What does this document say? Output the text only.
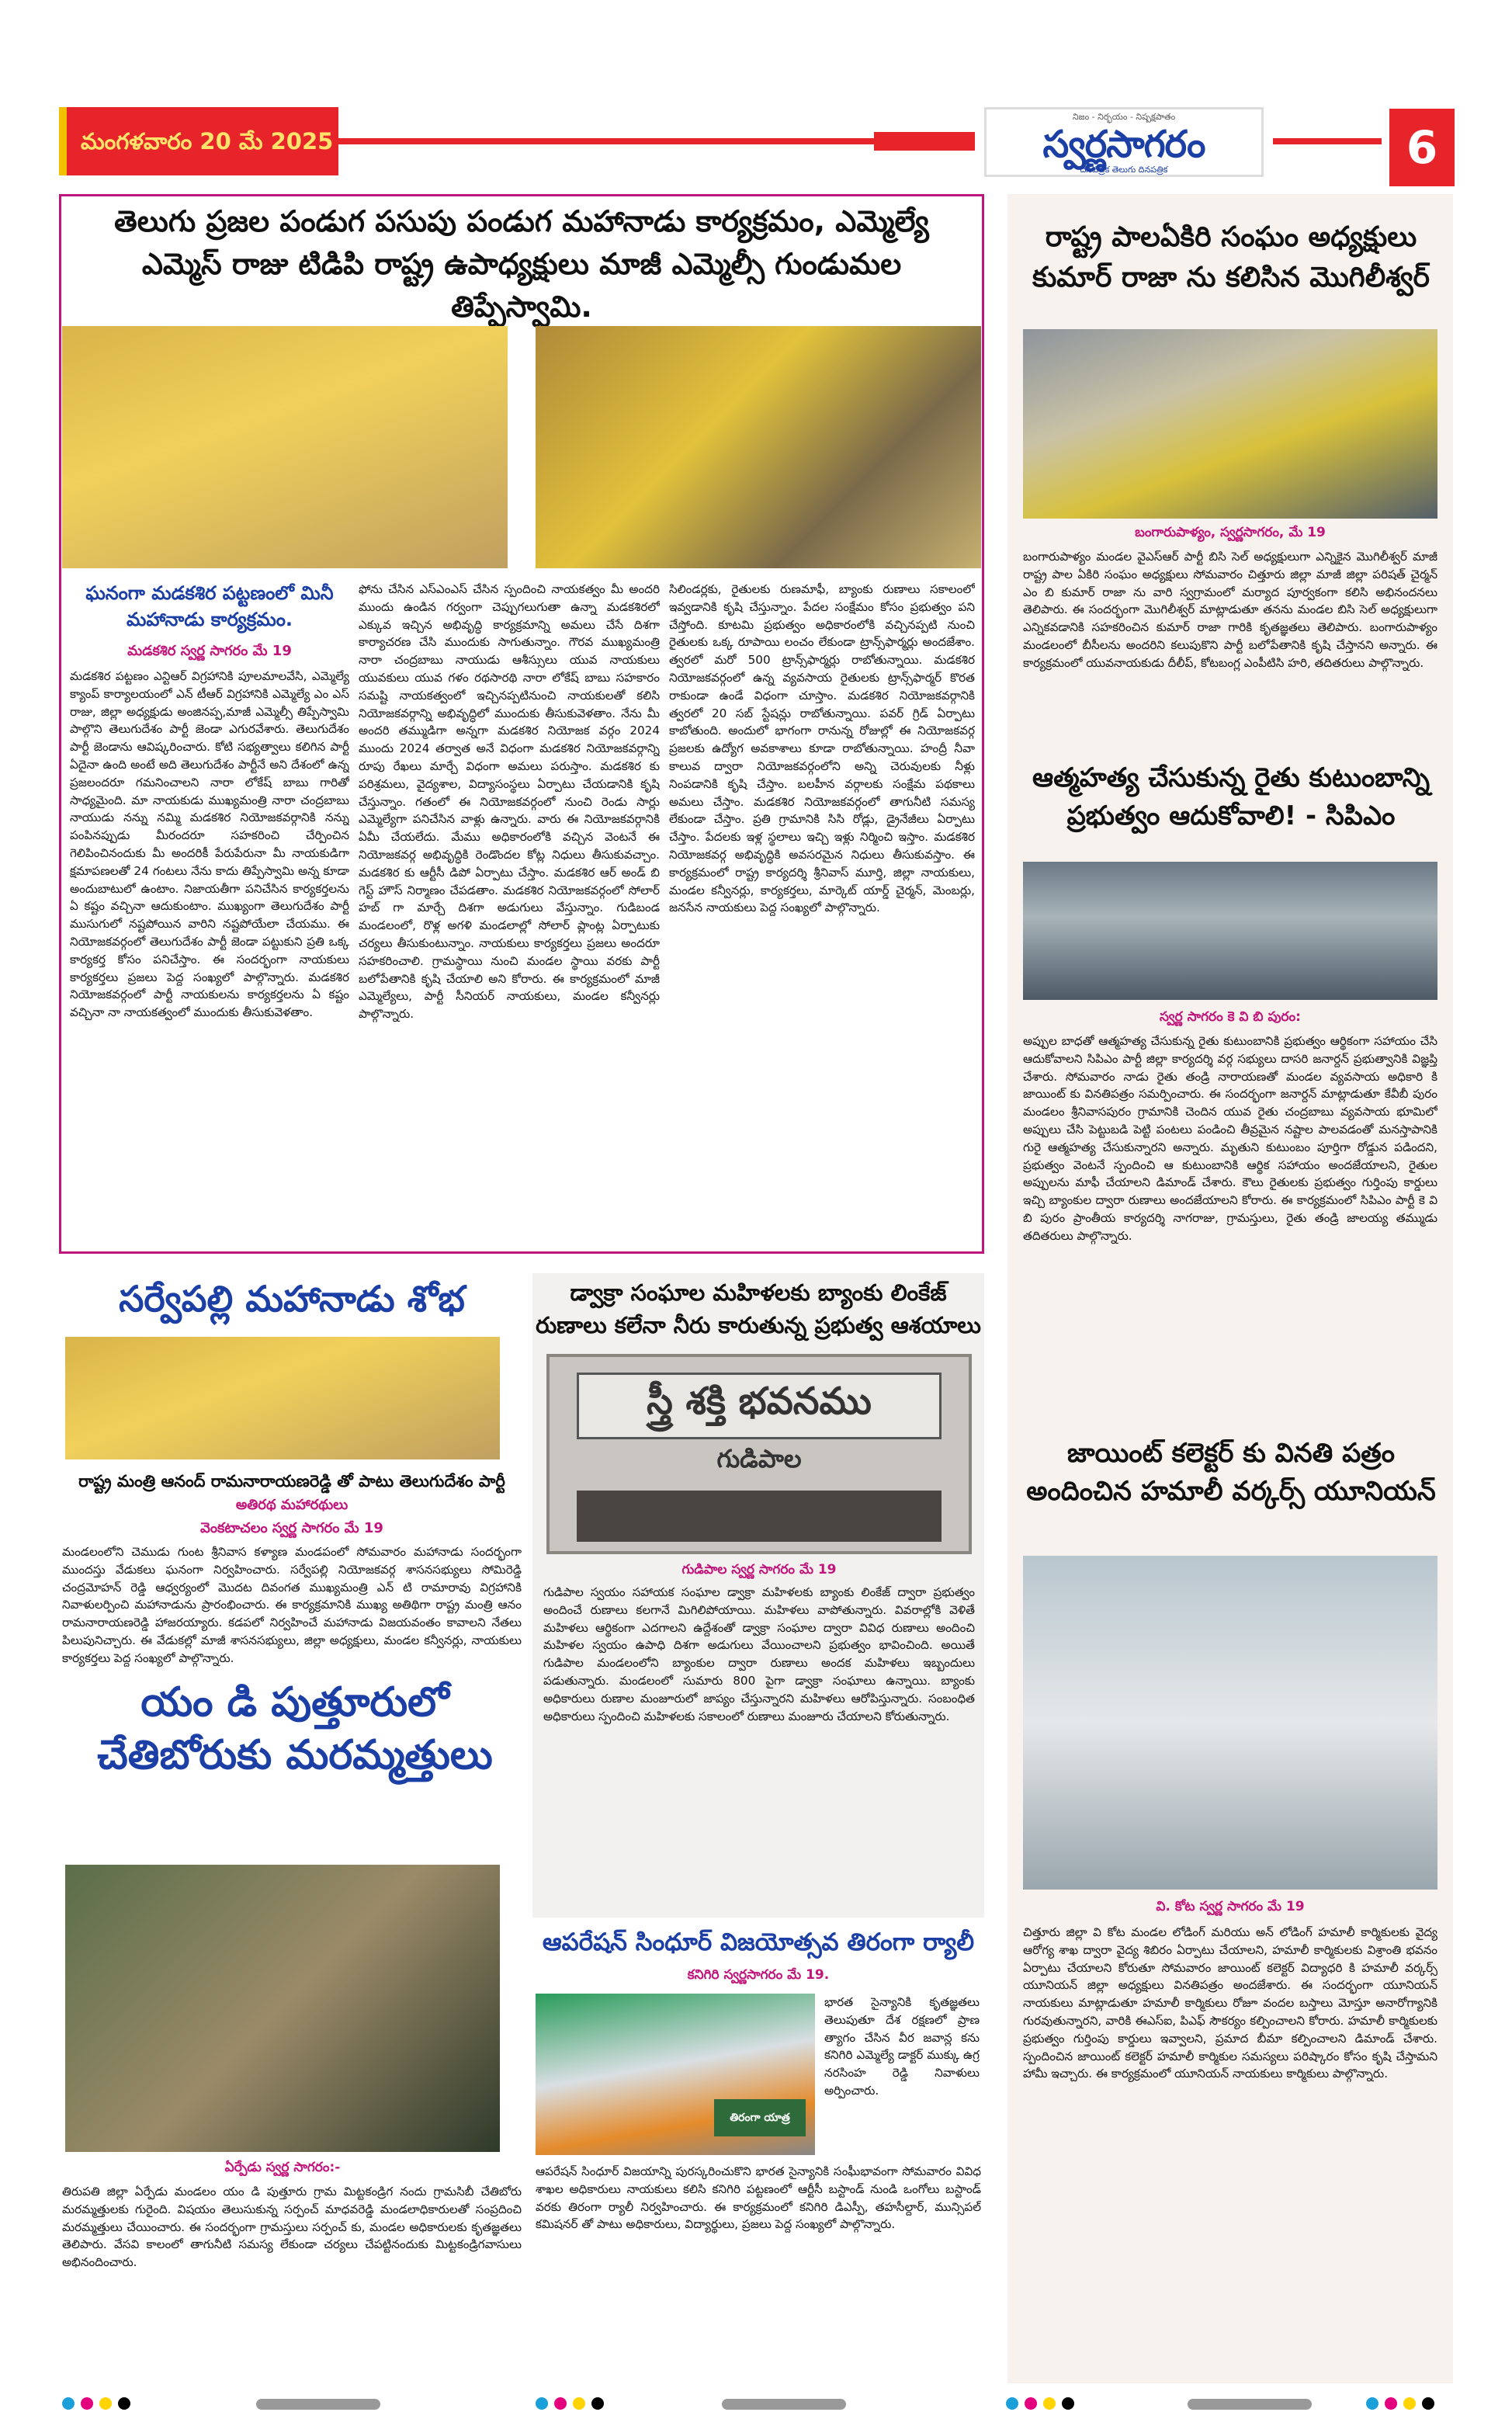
మంగళవారం 20 మే 2025
నిజం - నిర్భయం - నిష్పక్షపాతం
స్వర్ణసాగరం
దినపత్రిక తెలుగు దినపత్రిక	6
తెలుగు ప్రజల పండుగ పసుపు పండుగ మహానాడు కార్యక్రమం, ఎమ్మెల్యే ఎమ్మెస్ రాజు టిడిపి రాష్ట్ర ఉపాధ్యక్షులు మాజీ ఎమ్మెల్సీ గుండుమల తిప్పేస్వామి.
ఘనంగా మడకశిర పట్టణంలో మినీ మహానాడు కార్యక్రమం.
మడకశిర స్వర్ణ సాగరం మే 19
మడకశిర పట్టణం ఎన్టిఆర్ విగ్రహానికి పూలమాలవేసి, ఎమ్మెల్యే క్యాంప్ కార్యాలయంలో ఎన్ టీఆర్ విగ్రహానికి ఎమ్మెల్యే ఎం ఎస్ రాజు, జిల్లా అధ్యక్షుడు అంజినప్ప,మాజీ ఎమ్మెల్సీ తిప్పేస్వామి పాల్గొని తెలుగుదేశం పార్టీ జెండా ఎగురవేశారు. తెలుగుదేశం పార్టీ జెండాను ఆవిష్కరించారు. కోటి సభ్యత్వాలు కలిగిన పార్టీ ఏదైనా ఉంది అంటే అది తెలుగుదేశం పార్టీనే అని దేశంలో ఉన్న ప్రజలందరూ గమనించాలని నారా లోకేష్ బాబు గారితో సాధ్యమైంది. మా నాయకుడు ముఖ్యమంత్రి నారా చంద్రబాబు నాయుడు నన్ను నమ్మి మడకశిర నియోజకవర్గానికి నన్ను పంపినప్పుడు మీరందరూ సహకరించి చేర్పించిన గెలిపించినందుకు మీ అందరికీ పేరుపేరునా మీ నాయకుడిగా క్షమాపణలతో 24 గంటలు నేను కాదు తిప్పేస్వామి అన్న కూడా అందుబాటులో ఉంటాం. నిజాయతీగా పనిచేసిన కార్యకర్తలను ఏ కష్టం వచ్చినా ఆదుకుంటాం. ముఖ్యంగా తెలుగుదేశం పార్టీ ముసుగులో నష్టపోయిన వారిని నష్టపోయేలా చేయము. ఈ నియోజకవర్గంలో తెలుగుదేశం పార్టీ జెండా పట్టుకుని ప్రతి ఒక్క కార్యకర్త కోసం పనిచేస్తాం. ఈ సందర్భంగా నాయకులు కార్యకర్తలు ప్రజలు పెద్ద సంఖ్యలో పాల్గొన్నారు. మడకశిర నియోజకవర్గంలో పార్టీ నాయకులను కార్యకర్తలను ఏ కష్టం వచ్చినా నా నాయకత్వంలో ముందుకు తీసుకువెళతాం.
ఫోను చేసిన ఎస్ఎంఎస్ చేసిన స్పందించి నాయకత్వం మీ అందరి ముందు ఉండిన గర్వంగా చెప్పుగలుగుతా ఉన్నా మడకశిరలో ఎక్కువ ఇచ్చిన అభివృద్ధి కార్యక్రమాన్ని అమలు చేసే దిశగా కార్యాచరణ చేసి ముందుకు సాగుతున్నాం. గౌరవ ముఖ్యమంత్రి నారా చంద్రబాబు నాయుడు ఆశీస్సులు యువ నాయకులు యువకులు యువ గళం రథసారథి నారా లోకేష్ బాబు సహకారం సమష్టి నాయకత్వంలో ఇచ్చినప్పటినుంచి నాయకులతో కలిసి నియోజకవర్గాన్ని అభివృద్ధిలో ముందుకు తీసుకువెళతాం. నేను మీ అందరి తమ్ముడిగా అన్నగా మడకశిర నియోజక వర్గం 2024 ముందు 2024 తర్వాత అనే విధంగా మడకశిర నియోజకవర్గాన్ని రూపు రేఖలు మార్చే విధంగా అమలు పరుస్తాం. మడకశిర కు పరిశ్రమలు, వైద్యశాల, విద్యాసంస్థలు ఏర్పాటు చేయడానికి కృషి చేస్తున్నాం. గతంలో ఈ నియోజకవర్గంలో నుంచి రెండు సార్లు ఎమ్మెల్యేగా పనిచేసిన వాళ్లు ఉన్నారు. వారు ఈ నియోజకవర్గానికి ఏమీ చేయలేదు. మేము అధికారంలోకి వచ్చిన వెంటనే ఈ నియోజకవర్గ అభివృద్ధికి రెండొందల కోట్ల నిధులు తీసుకువచ్చాం. మడకశిర కు ఆర్టీసీ డిపో ఏర్పాటు చేస్తాం. మడకశిర ఆర్ అండ్ బి గెస్ట్ హౌస్ నిర్మాణం చేపడతాం. మడకశిర నియోజకవర్గంలో సోలార్ హబ్ గా మార్చే దిశగా అడుగులు వేస్తున్నాం. గుడిబండ మండలంలో, రొళ్ల అగళి మండలాల్లో సోలార్ ప్లాంట్ల ఏర్పాటుకు చర్యలు తీసుకుంటున్నాం. నాయకులు కార్యకర్తలు ప్రజలు అందరూ సహకరించాలి. గ్రామస్థాయి నుంచి మండల స్థాయి వరకు పార్టీ బలోపేతానికి కృషి చేయాలి అని కోరారు. ఈ కార్యక్రమంలో మాజీ ఎమ్మెల్యేలు, పార్టీ సీనియర్ నాయకులు, మండల కన్వీనర్లు పాల్గొన్నారు.
సిలిండర్లకు, రైతులకు రుణమాఫీ, బ్యాంకు రుణాలు సకాలంలో ఇవ్వడానికి కృషి చేస్తున్నాం. పేదల సంక్షేమం కోసం ప్రభుత్వం పని చేస్తోంది. కూటమి ప్రభుత్వం అధికారంలోకి వచ్చినప్పటి నుంచి రైతులకు ఒక్క రూపాయి లంచం లేకుండా ట్రాన్స్‌ఫార్మర్లు అందజేశాం. త్వరలో మరో 500 ట్రాన్స్‌ఫార్మర్లు రాబోతున్నాయి. మడకశిర నియోజకవర్గంలో ఉన్న వ్యవసాయ రైతులకు ట్రాన్స్‌ఫార్మర్ కొరత రాకుండా ఉండే విధంగా చూస్తాం. మడకశిర నియోజకవర్గానికి త్వరలో 20 సబ్ స్టేషన్లు రాబోతున్నాయి. పవర్ గ్రిడ్ ఏర్పాటు కాబోతుంది. అందులో భాగంగా రానున్న రోజుల్లో ఈ నియోజకవర్గ ప్రజలకు ఉద్యోగ అవకాశాలు కూడా రాబోతున్నాయి. హంద్రీ నీవా కాలువ ద్వారా నియోజకవర్గంలోని అన్ని చెరువులకు నీళ్లు నింపడానికి కృషి చేస్తాం. బలహీన వర్గాలకు సంక్షేమ పథకాలు అమలు చేస్తాం. మడకశిర నియోజకవర్గంలో తాగునీటి సమస్య లేకుండా చేస్తాం. ప్రతి గ్రామానికి సిసి రోడ్లు, డ్రైనేజీలు ఏర్పాటు చేస్తాం. పేదలకు ఇళ్ల స్థలాలు ఇచ్చి ఇళ్లు నిర్మించి ఇస్తాం. మడకశిర నియోజకవర్గ అభివృద్ధికి అవసరమైన నిధులు తీసుకువస్తాం. ఈ కార్యక్రమంలో రాష్ట్ర కార్యదర్శి శ్రీనివాస్ మూర్తి, జిల్లా నాయకులు, మండల కన్వీనర్లు, కార్యకర్తలు, మార్కెట్ యార్డ్ చైర్మన్, మెంబర్లు, జనసేన నాయకులు పెద్ద సంఖ్యలో పాల్గొన్నారు.
రాష్ట్ర పాలఏకిరి సంఘం అధ్యక్షులు కుమార్ రాజా ను కలిసిన మొగిలీశ్వర్
బంగారుపాళ్యం, స్వర్ణసాగరం, మే 19
బంగారుపాళ్యం మండల వైఎస్ఆర్ పార్టీ బిసి సెల్ అధ్యక్షులుగా ఎన్నికైన మొగిలీశ్వర్ మాజీ రాష్ట్ర పాల ఏకిరి సంఘం అధ్యక్షులు సోమవారం చిత్తూరు జిల్లా మాజీ జిల్లా పరిషత్ చైర్మన్ ఎం బి కుమార్ రాజా ను వారి స్వగ్రామంలో మర్యాద పూర్వకంగా కలిసి అభినందనలు తెలిపారు. ఈ సందర్భంగా మొగిలీశ్వర్ మాట్లాడుతూ తనను మండల బిసి సెల్ అధ్యక్షులుగా ఎన్నికవడానికి సహకరించిన కుమార్ రాజా గారికి కృతజ్ఞతలు తెలిపారు. బంగారుపాళ్యం మండలంలో బీసీలను అందరిని కలుపుకొని పార్టీ బలోపేతానికి కృషి చేస్తానని అన్నారు. ఈ కార్యక్రమంలో యువనాయకుడు దీలీప్, కోటబంగ్ల ఎంపీటిసి హరి, తదితరులు పాల్గొన్నారు.
ఆత్మహత్య చేసుకున్న రైతు కుటుంబాన్ని ప్రభుత్వం ఆదుకోవాలి! - సిపిఎం
స్వర్ణ సాగరం కె వి బి పురం:
అప్పుల బాధతో ఆత్మహత్య చేసుకున్న రైతు కుటుంబానికి ప్రభుత్వం ఆర్థికంగా సహాయం చేసి ఆదుకోవాలని సిపిఎం పార్టీ జిల్లా కార్యదర్శి వర్గ సభ్యులు దాసరి జనార్దన్ ప్రభుత్వానికి విజ్ఞప్తి చేశారు. సోమవారం నాడు రైతు తండ్రి నారాయణతో మండల వ్యవసాయ అధికారి కి జాయింట్ కు వినతిపత్రం సమర్పించారు. ఈ సందర్భంగా జనార్దన్ మాట్లాడుతూ కేవీబీ పురం మండలం శ్రీనివాసపురం గ్రామానికి చెందిన యువ రైతు చంద్రబాబు వ్యవసాయ భూమిలో అప్పులు చేసి పెట్టుబడి పెట్టి పంటలు పండించి తీవ్రమైన నష్టాల పాలవడంతో మనస్తాపానికి గురై ఆత్మహత్య చేసుకున్నారని అన్నారు. మృతుని కుటుంబం పూర్తిగా రోడ్డున పడిందని, ప్రభుత్వం వెంటనే స్పందించి ఆ కుటుంబానికి ఆర్థిక సహాయం అందజేయాలని, రైతుల అప్పులను మాఫీ చేయాలని డిమాండ్ చేశారు. కౌలు రైతులకు ప్రభుత్వం గుర్తింపు కార్డులు ఇచ్చి బ్యాంకుల ద్వారా రుణాలు అందజేయాలని కోరారు. ఈ కార్యక్రమంలో సిపిఎం పార్టీ కె వి బి పురం ప్రాంతీయ కార్యదర్శి నాగరాజు, గ్రామస్తులు, రైతు తండ్రి జాలయ్య తమ్ముడు తదితరులు పాల్గొన్నారు.
జాయింట్ కలెక్టర్ కు వినతి పత్రం అందించిన హమాలీ వర్కర్స్ యూనియన్
వి. కోట స్వర్ణ సాగరం మే 19
చిత్తూరు జిల్లా వి కోట మండల లోడింగ్ మరియు అన్ లోడింగ్ హమాలీ కార్మికులకు వైద్య ఆరోగ్య శాఖ ద్వారా వైద్య శిబిరం ఏర్పాటు చేయాలని, హమాలీ కార్మికులకు విశ్రాంతి భవనం ఏర్పాటు చేయాలని కోరుతూ సోమవారం జాయింట్ కలెక్టర్ విద్యాధరి కి హమాలీ వర్కర్స్ యూనియన్ జిల్లా అధ్యక్షులు వినతిపత్రం అందజేశారు. ఈ సందర్భంగా యూనియన్ నాయకులు మాట్లాడుతూ హమాలీ కార్మికులు రోజూ వందల బస్తాలు మోస్తూ అనారోగ్యానికి గురవుతున్నారని, వారికి ఈఎస్ఐ, పిఎఫ్ సౌకర్యం కల్పించాలని కోరారు. హమాలీ కార్మికులకు ప్రభుత్వం గుర్తింపు కార్డులు ఇవ్వాలని, ప్రమాద బీమా కల్పించాలని డిమాండ్ చేశారు. స్పందించిన జాయింట్ కలెక్టర్ హమాలీ కార్మికుల సమస్యలు పరిష్కారం కోసం కృషి చేస్తామని హామీ ఇచ్చారు. ఈ కార్యక్రమంలో యూనియన్ నాయకులు కార్మికులు పాల్గొన్నారు.
సర్వేపల్లి మహానాడు శోభ
రాష్ట్ర మంత్రి ఆనంద్ రామనారాయణరెడ్డి తో పాటు తెలుగుదేశం పార్టీ
అతిరథ మహారథులు
వెంకటాచలం స్వర్ణ సాగరం మే 19
మండలంలోని చెముడు గుంట శ్రీనివాస కళ్యాణ మండపంలో సోమవారం మహానాడు సందర్భంగా ముందస్తు వేడుకలు ఘనంగా నిర్వహించారు. సర్వేపల్లి నియోజకవర్గ శాసనసభ్యులు సోమిరెడ్డి చంద్రమోహన్ రెడ్డి ఆధ్వర్యంలో మొదట దివంగత ముఖ్యమంత్రి ఎన్ టి రామారావు విగ్రహానికి నివాళులర్పించి మహానాడును ప్రారంభించారు. ఈ కార్యక్రమానికి ముఖ్య అతిథిగా రాష్ట్ర మంత్రి ఆనం రామనారాయణరెడ్డి హాజరయ్యారు. కడపలో నిర్వహించే మహానాడు విజయవంతం కావాలని నేతలు పిలుపునిచ్చారు. ఈ వేడుకల్లో మాజీ శాసనసభ్యులు, జిల్లా అధ్యక్షులు, మండల కన్వీనర్లు, నాయకులు కార్యకర్తలు పెద్ద సంఖ్యలో పాల్గొన్నారు.
యం డి పుత్తూరులో చేతిబోరుకు మరమ్మత్తులు
ఏర్పేడు స్వర్ణ సాగరం:-
తిరుపతి జిల్లా ఏర్పేడు మండలం యం డి పుత్తూరు గ్రామ మిట్టకండ్రిగ నందు గ్రామసిబీ చేతిబోరు మరమ్మత్తులకు గురైంది. విషయం తెలుసుకున్న సర్పంచ్ మాధవరెడ్డి మండలాధికారులతో సంప్రదించి మరమ్మత్తులు చేయించారు. ఈ సందర్భంగా గ్రామస్తులు సర్పంచ్ కు, మండల అధికారులకు కృతజ్ఞతలు తెలిపారు. వేసవి కాలంలో తాగునీటి సమస్య లేకుండా చర్యలు చేపట్టినందుకు మిట్టకండ్రిగవాసులు అభినందించారు.
డ్వాక్రా సంఘాల మహిళలకు బ్యాంకు లింకేజ్ రుణాలు కలేనా నీరు కారుతున్న ప్రభుత్వ ఆశయాలు
స్త్రీ శక్తి భవనము
గుడిపాల
గుడిపాల స్వర్ణ సాగరం మే 19
గుడిపాల స్వయం సహాయక సంఘాల డ్వాక్రా మహిళలకు బ్యాంకు లింకేజ్ ద్వారా ప్రభుత్వం అందించే రుణాలు కలగానే మిగిలిపోయాయి. మహిళలు వాపోతున్నారు. వివరాల్లోకి వెళితే మహిళలు ఆర్థికంగా ఎదగాలని ఉద్దేశంతో డ్వాక్రా సంఘాల ద్వారా వివిధ రుణాలు అందించి మహిళల స్వయం ఉపాధి దిశగా అడుగులు వేయించాలని ప్రభుత్వం భావించింది. అయితే గుడిపాల మండలంలోని బ్యాంకుల ద్వారా రుణాలు అందక మహిళలు ఇబ్బందులు పడుతున్నారు. మండలంలో సుమారు 800 పైగా డ్వాక్రా సంఘాలు ఉన్నాయి. బ్యాంకు అధికారులు రుణాల మంజూరులో జాప్యం చేస్తున్నారని మహిళలు ఆరోపిస్తున్నారు. సంబంధిత అధికారులు స్పందించి మహిళలకు సకాలంలో రుణాలు మంజూరు చేయాలని కోరుతున్నారు.
ఆపరేషన్ సింధూర్ విజయోత్సవ తిరంగా ర్యాలీ
కనిగిరి స్వర్ణసాగరం మే 19.
తిరంగా యాత్ర
భారత సైన్యానికి కృతజ్ఞతలు తెలుపుతూ దేశ రక్షణలో ప్రాణ త్యాగం చేసిన వీర జవాన్ల కను కనిగిరి ఎమ్మెల్యే డాక్టర్ ముక్కు ఉగ్ర నరసింహ రెడ్డి నివాళులు అర్పించారు.
ఆపరేషన్ సింధూర్ విజయాన్ని పురస్కరించుకొని భారత సైన్యానికి సంఘీభావంగా సోమవారం వివిధ శాఖల అధికారులు నాయకులు కలిసి కనిగిరి పట్టణంలో ఆర్టీసీ బస్టాండ్ నుండి ఒంగోలు బస్టాండ్ వరకు తిరంగా ర్యాలీ నిర్వహించారు. ఈ కార్యక్రమంలో కనిగిరి డిఎస్పీ, తహసీల్దార్, మున్సిపల్ కమిషనర్ తో పాటు అధికారులు, విద్యార్థులు, ప్రజలు పెద్ద సంఖ్యలో పాల్గొన్నారు.
